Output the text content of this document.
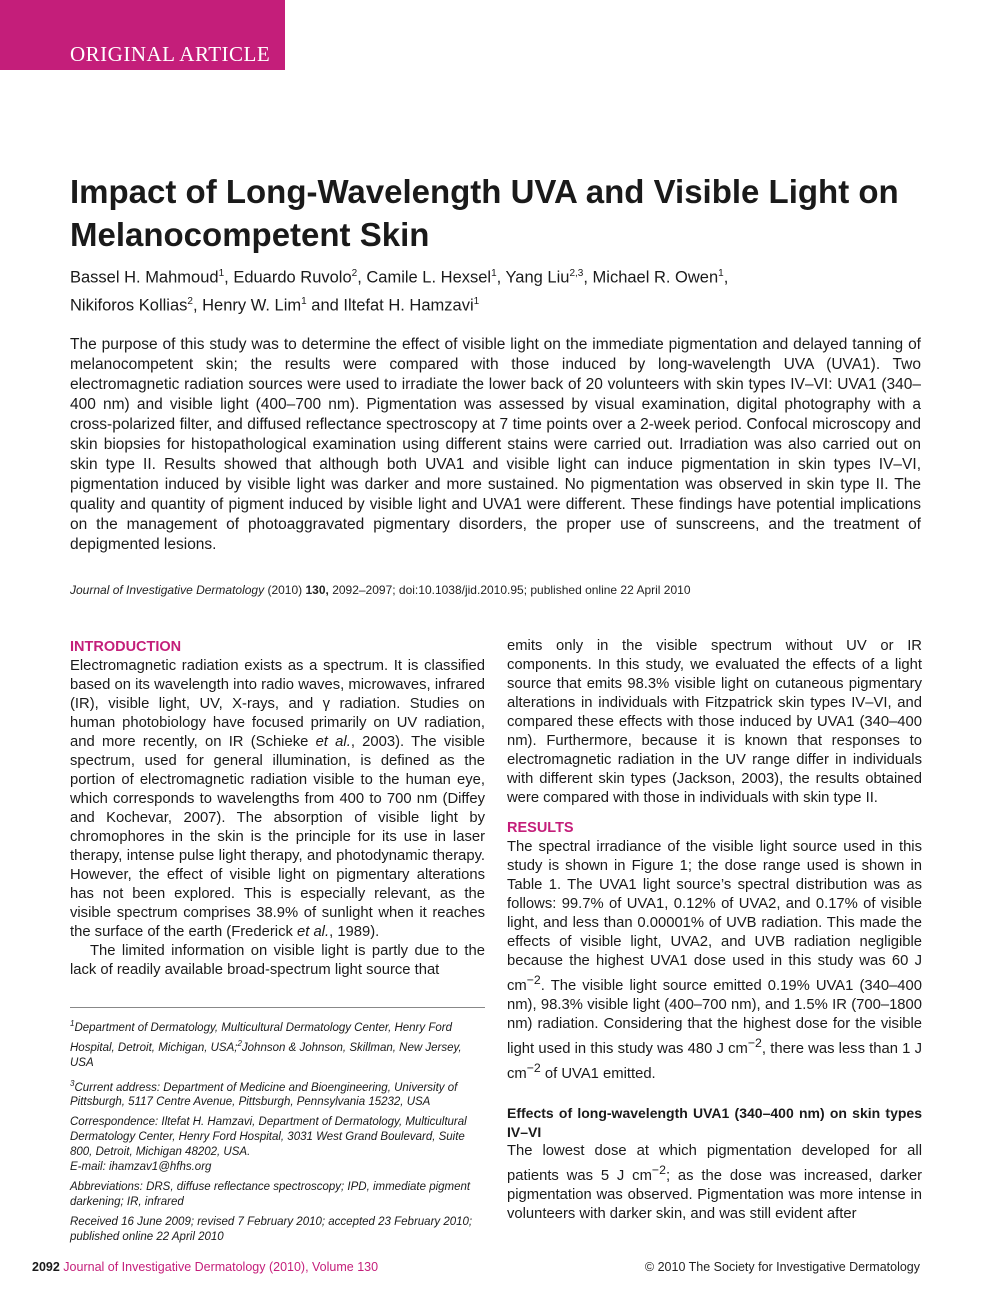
ORIGINAL ARTICLE
Impact of Long-Wavelength UVA and Visible Light on Melanocompetent Skin
Bassel H. Mahmoud$^1$, Eduardo Ruvolo$^2$, Camile L. Hexsel$^1$, Yang Liu$^{2,3}$, Michael R. Owen$^1$,
Nikiforos Kollias$^2$, Henry W. Lim$^1$ and Iltefat H. Hamzavi$^1$

The purpose of this study was to determine the effect of visible light on the immediate pigmentation and delayed tanning of melanocompetent skin; the results were compared with those induced by long-wavelength UVA (UVA1). Two electromagnetic radiation sources were used to irradiate the lower back of 20 volunteers with skin types IV–VI: UVA1 (340–400 nm) and visible light (400–700 nm). Pigmentation was assessed by visual examination, digital photography with a cross-polarized filter, and diffused reflectance spectroscopy at 7 time points over a 2-week period. Confocal microscopy and skin biopsies for histopathological examination using different stains were carried out. Irradiation was also carried out on skin type II. Results showed that although both UVA1 and visible light can induce pigmentation in skin types IV–VI, pigmentation induced by visible light was darker and more sustained. No pigmentation was observed in skin type II. The quality and quantity of pigment induced by visible light and UVA1 were different. These findings have potential implications on the management of photoaggravated pigmentary disorders, the proper use of sunscreens, and the treatment of depigmented lesions.

Journal of Investigative Dermatology (2010) 130, 2092–2097; doi:10.1038/jid.2010.95; published online 22 April 2010

INTRODUCTION

Electromagnetic radiation exists as a spectrum. It is classified based on its wavelength into radio waves, microwaves, infrared (IR), visible light, UV, X-rays, and γ radiation. Studies on human photobiology have focused primarily on UV radiation, and more recently, on IR (Schieke et al., 2003). The visible spectrum, used for general illumination, is defined as the portion of electromagnetic radiation visible to the human eye, which corresponds to wavelengths from 400 to 700 nm (Diffey and Kochevar, 2007). The absorption of visible light by chromophores in the skin is the principle for its use in laser therapy, intense pulse light therapy, and photodynamic therapy. However, the effect of visible light on pigmentary alterations has not been explored. This is especially relevant, as the visible spectrum comprises 38.9% of sunlight when it reaches the surface of the earth (Frederick et al., 1989).

The limited information on visible light is partly due to the lack of readily available broad-spectrum light source that

$^1$Department of Dermatology, Multicultural Dermatology Center, Henry Ford Hospital, Detroit, Michigan, USA;$^2$Johnson & Johnson, Skillman, New Jersey, USA

$^3$Current address: Department of Medicine and Bioengineering, University of Pittsburgh, 5117 Centre Avenue, Pittsburgh, Pennsylvania 15232, USA

Correspondence: Iltefat H. Hamzavi, Department of Dermatology, Multicultural Dermatology Center, Henry Ford Hospital, 3031 West Grand Boulevard, Suite 800, Detroit, Michigan 48202, USA.
E-mail: ihamzav1@hfhs.org

Abbreviations: DRS, diffuse reflectance spectroscopy; IPD, immediate pigment darkening; IR, infrared

Received 16 June 2009; revised 7 February 2010; accepted 23 February 2010; published online 22 April 2010

emits only in the visible spectrum without UV or IR components. In this study, we evaluated the effects of a light source that emits 98.3% visible light on cutaneous pigmentary alterations in individuals with Fitzpatrick skin types IV–VI, and compared these effects with those induced by UVA1 (340–400 nm). Furthermore, because it is known that responses to electromagnetic radiation in the UV range differ in individuals with different skin types (Jackson, 2003), the results obtained were compared with those in individuals with skin type II.

RESULTS

The spectral irradiance of the visible light source used in this study is shown in Figure 1; the dose range used is shown in Table 1. The UVA1 light source’s spectral distribution was as follows: 99.7% of UVA1, 0.12% of UVA2, and 0.17% of visible light, and less than 0.00001% of UVB radiation. This made the effects of visible light, UVA2, and UVB radiation negligible because the highest UVA1 dose used in this study was 60 J $cm^{-2}$. The visible light source emitted 0.19% UVA1 (340–400 nm), 98.3% visible light (400–700 nm), and 1.5% IR (700–1800 nm) radiation. Considering that the highest dose for the visible light used in this study was 480 J $cm^{-2}$, there was less than 1 J $cm^{-2}$ of UVA1 emitted.

Effects of long-wavelength UVA1 (340–400 nm) on skin types IV–VI

The lowest dose at which pigmentation developed for all patients was 5 J $cm^{-2}$; as the dose was increased, darker pigmentation was observed. Pigmentation was more intense in volunteers with darker skin, and was still evident after

2092 Journal of Investigative Dermatology (2010), Volume 130	© 2010 The Society for Investigative Dermatology
